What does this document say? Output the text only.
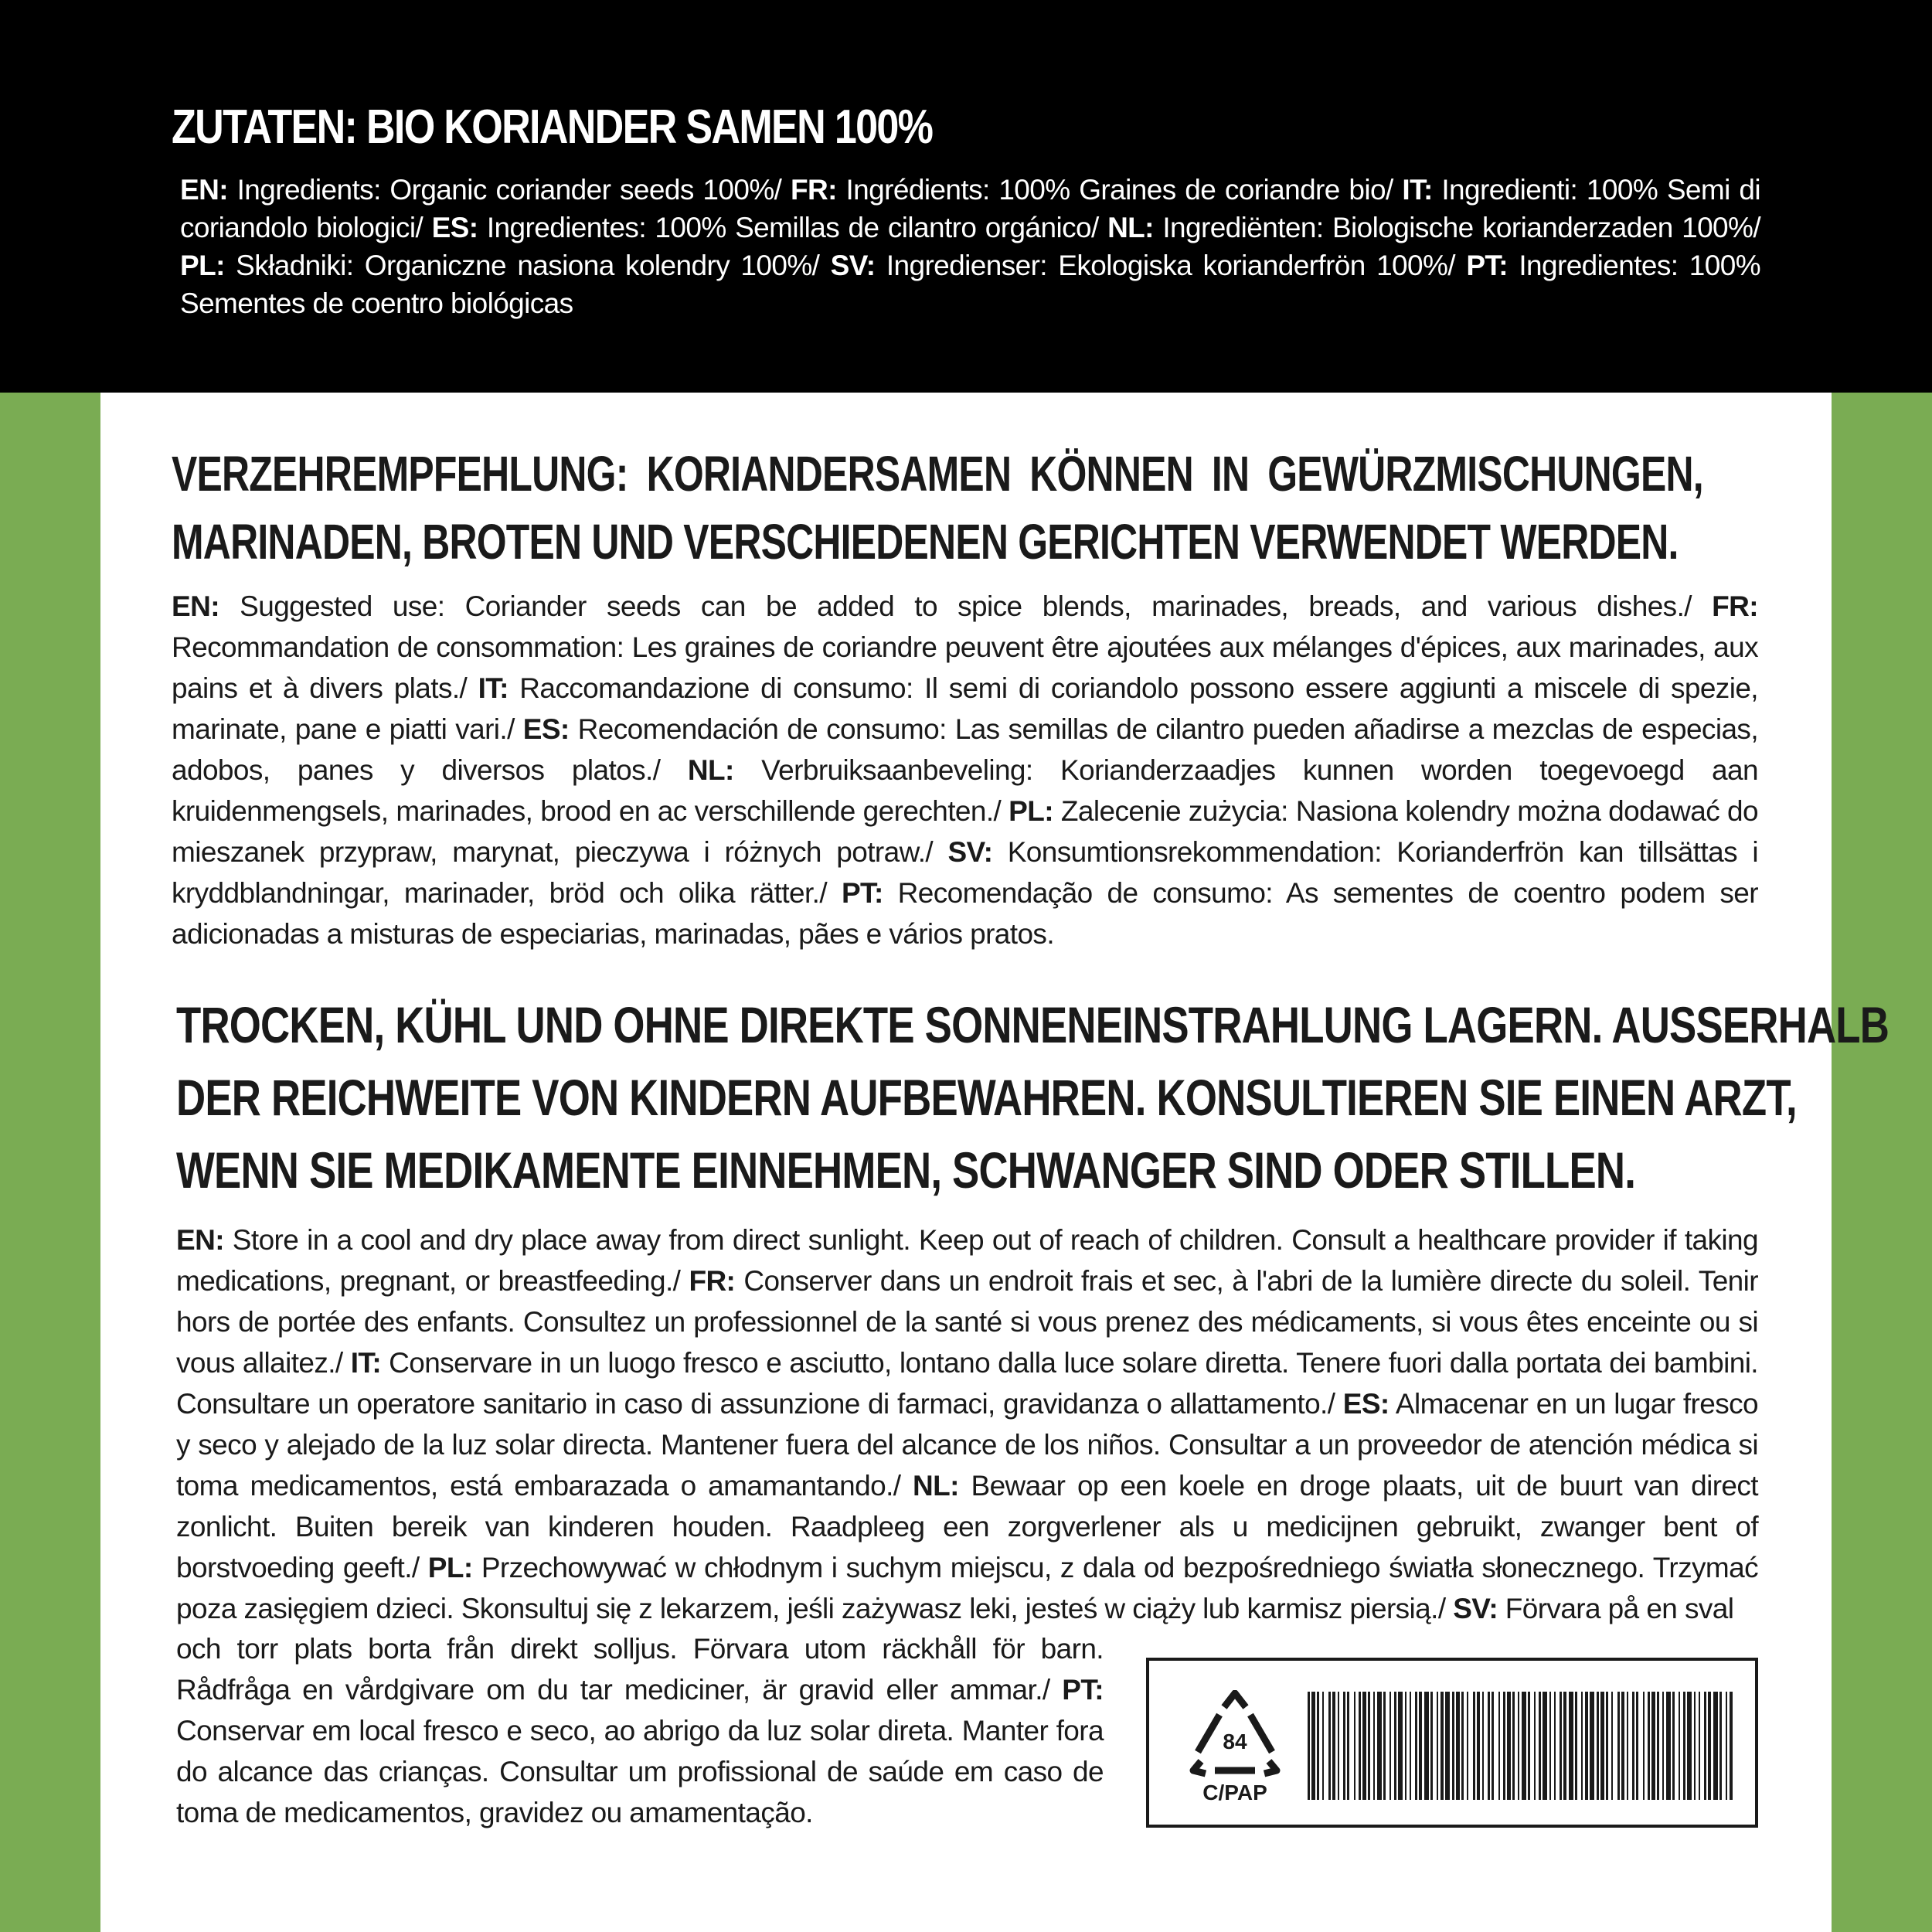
ZUTATEN: BIO KORIANDER SAMEN 100%

EN: Ingredients: Organic coriander seeds 100%/ FR: Ingrédients: 100% Graines de coriandre bio/ IT: Ingredienti: 100% Semi di coriandolo biologici/ ES: Ingredientes: 100% Semillas de cilantro orgánico/ NL: Ingrediënten: Biologische korianderzaden 100%/ PL: Składniki: Organiczne nasiona kolendry 100%/ SV: Ingredienser: Ekologiska korianderfrön 100%/ PT: Ingredientes: 100% Sementes de coentro biológicas

VERZEHREMPFEHLUNG: KORIANDERSAMEN KÖNNEN IN GEWÜRZMISCHUNGEN,
MARINADEN, BROTEN UND VERSCHIEDENEN GERICHTEN VERWENDET WERDEN.

EN: Suggested use: Coriander seeds can be added to spice blends, marinades, breads, and various dishes./ FR: Recommandation de consommation: Les graines de coriandre peuvent être ajoutées aux mélanges d'épices, aux marinades, aux pains et à divers plats./ IT: Raccomandazione di consumo: Il semi di coriandolo possono essere aggiunti a miscele di spezie, marinate, pane e piatti vari./ ES: Recomendación de consumo: Las semillas de cilantro pueden añadirse a mezclas de especias, adobos, panes y diversos platos./ NL: Verbruiksaanbeveling: Korianderzaadjes kunnen worden toegevoegd aan kruidenmengsels, marinades, brood en ac verschillende gerechten./ PL: Zalecenie zużycia: Nasiona kolendry można dodawać do mieszanek przypraw, marynat, pieczywa i różnych potraw./ SV: Konsumtionsrekommendation: Korianderfrön kan tillsättas i kryddblandningar, marinader, bröd och olika rätter./ PT: Recomendação de consumo: As sementes de coentro podem ser adicionadas a misturas de especiarias, marinadas, pães e vários pratos.

TROCKEN, KÜHL UND OHNE DIREKTE SONNENEINSTRAHLUNG LAGERN. AUSSERHALB
DER REICHWEITE VON KINDERN AUFBEWAHREN. KONSULTIEREN SIE EINEN ARZT,
WENN SIE MEDIKAMENTE EINNEHMEN, SCHWANGER SIND ODER STILLEN.

EN: Store in a cool and dry place away from direct sunlight. Keep out of reach of children. Consult a healthcare provider if taking medications, pregnant, or breastfeeding./ FR: Conserver dans un endroit frais et sec, à l'abri de la lumière directe du soleil. Tenir hors de portée des enfants. Consultez un professionnel de la santé si vous prenez des médicaments, si vous êtes enceinte ou si vous allaitez./ IT: Conservare in un luogo fresco e asciutto, lontano dalla luce solare diretta. Tenere fuori dalla portata dei bambini. Consultare un operatore sanitario in caso di assunzione di farmaci, gravidanza o allattamento./ ES: Almacenar en un lugar fresco y seco y alejado de la luz solar directa. Mantener fuera del alcance de los niños. Consultar a un proveedor de atención médica si toma medicamentos, está embarazada o amamantando./ NL: Bewaar op een koele en droge plaats, uit de buurt van direct zonlicht. Buiten bereik van kinderen houden. Raadpleeg een zorgverlener als u medicijnen gebruikt, zwanger bent of borstvoeding geeft./ PL: Przechowywać w chłodnym i suchym miejscu, z dala od bezpośredniego światła słonecznego. Trzymać poza zasięgiem dzieci. Skonsultuj się z lekarzem, jeśli zażywasz leki, jesteś w ciąży lub karmisz piersią./ SV: Förvara på en sval

och torr plats borta från direkt solljus. Förvara utom räckhåll för barn. Rådfråga en vårdgivare om du tar mediciner, är gravid eller ammar./ PT: Conservar em local fresco e seco, ao abrigo da luz solar direta. Manter fora do alcance das crianças. Consultar um profissional de saúde em caso de toma de medicamentos, gravidez ou amamentação.

84
C/PAP
